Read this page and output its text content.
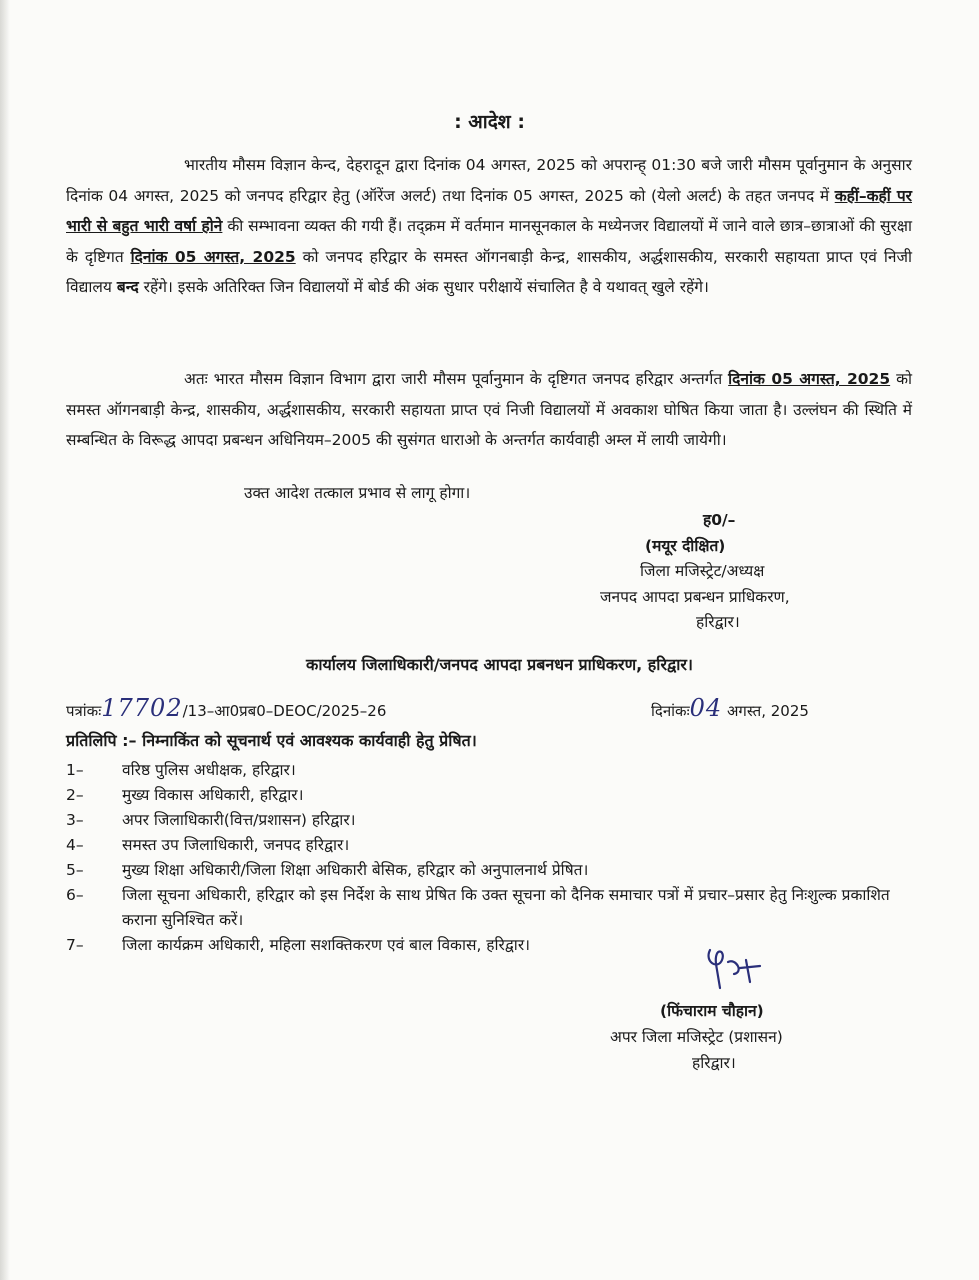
: आदेश :
भारतीय मौसम विज्ञान केन्द, देहरादून द्वारा दिनांक 04 अगस्त, 2025 को अपरान्ह् 01:30 बजे जारी मौसम पूर्वानुमान के अनुसार दिनांक 04 अगस्त, 2025 को जनपद हरिद्वार हेतु (ऑरेंज अलर्ट) तथा दिनांक 05 अगस्त, 2025 को (येलो अलर्ट) के तहत जनपद में कहीं–कहीं पर भारी से बहुत भारी वर्षा होने की सम्भावना व्यक्त की गयी हैं। तद्क्रम में वर्तमान मानसूनकाल के मध्येनजर विद्यालयों में जाने वाले छात्र–छात्राओं की सुरक्षा के दृष्टिगत दिनांक 05 अगस्त, 2025 को जनपद हरिद्वार के समस्त ऑगनबाड़ी केन्द्र, शासकीय, अर्द्धशासकीय, सरकारी सहायता प्राप्त एवं निजी विद्यालय बन्द रहेंगे। इसके अतिरिक्त जिन विद्यालयों में बोर्ड की अंक सुधार परीक्षायें संचालित है वे यथावत् खुले रहेंगे।
अतः भारत मौसम विज्ञान विभाग द्वारा जारी मौसम पूर्वानुमान के दृष्टिगत जनपद हरिद्वार अन्तर्गत दिनांक 05 अगस्त, 2025 को समस्त ऑगनबाड़ी केन्द्र, शासकीय, अर्द्धशासकीय, सरकारी सहायता प्राप्त एवं निजी विद्यालयों में अवकाश घोषित किया जाता है। उल्लंघन की स्थिति में सम्बन्धित के विरूद्ध आपदा प्रबन्धन अधिनियम–2005 की सुसंगत धाराओ के अन्तर्गत कार्यवाही अम्ल में लायी जायेगी।
उक्त आदेश तत्काल प्रभाव से लागू होगा।
ह0/–
(मयूर दीक्षित)
जिला मजिस्ट्रेट/अध्यक्ष
जनपद आपदा प्रबन्धन प्राधिकरण,
हरिद्वार।
कार्यालय जिलाधिकारी/जनपद आपदा प्रबनधन प्राधिकरण, हरिद्वार।
पत्रांकः17702/13–आ0प्रब0–DEOC/2025–26	दिनांकः04 अगस्त, 2025
प्रतिलिपि :– निम्नाकिंत को सूचनार्थ एवं आवश्यक कार्यवाही हेतु प्रेषित।
1–	वरिष्ठ पुलिस अधीक्षक, हरिद्वार।
2–	मुख्य विकास अधिकारी, हरिद्वार।
3–	अपर जिलाधिकारी(वित्त/प्रशासन) हरिद्वार।
4–	समस्त उप जिलाधिकारी, जनपद हरिद्वार।
5–	मुख्य शिक्षा अधिकारी/जिला शिक्षा अधिकारी बेसिक, हरिद्वार को अनुपालनार्थ प्रेषित।
6–	जिला सूचना अधिकारी, हरिद्वार को इस निर्देश के साथ प्रेषित कि उक्त सूचना को दैनिक समाचार पत्रों में प्रचार–प्रसार हेतु निःशुल्क प्रकाशित कराना सुनिश्चित करें।
7–	जिला कार्यक्रम अधिकारी, महिला सशक्तिकरण एवं बाल विकास, हरिद्वार।
(फिंचाराम चौहान)
अपर जिला मजिस्ट्रेट (प्रशासन)
हरिद्वार।
